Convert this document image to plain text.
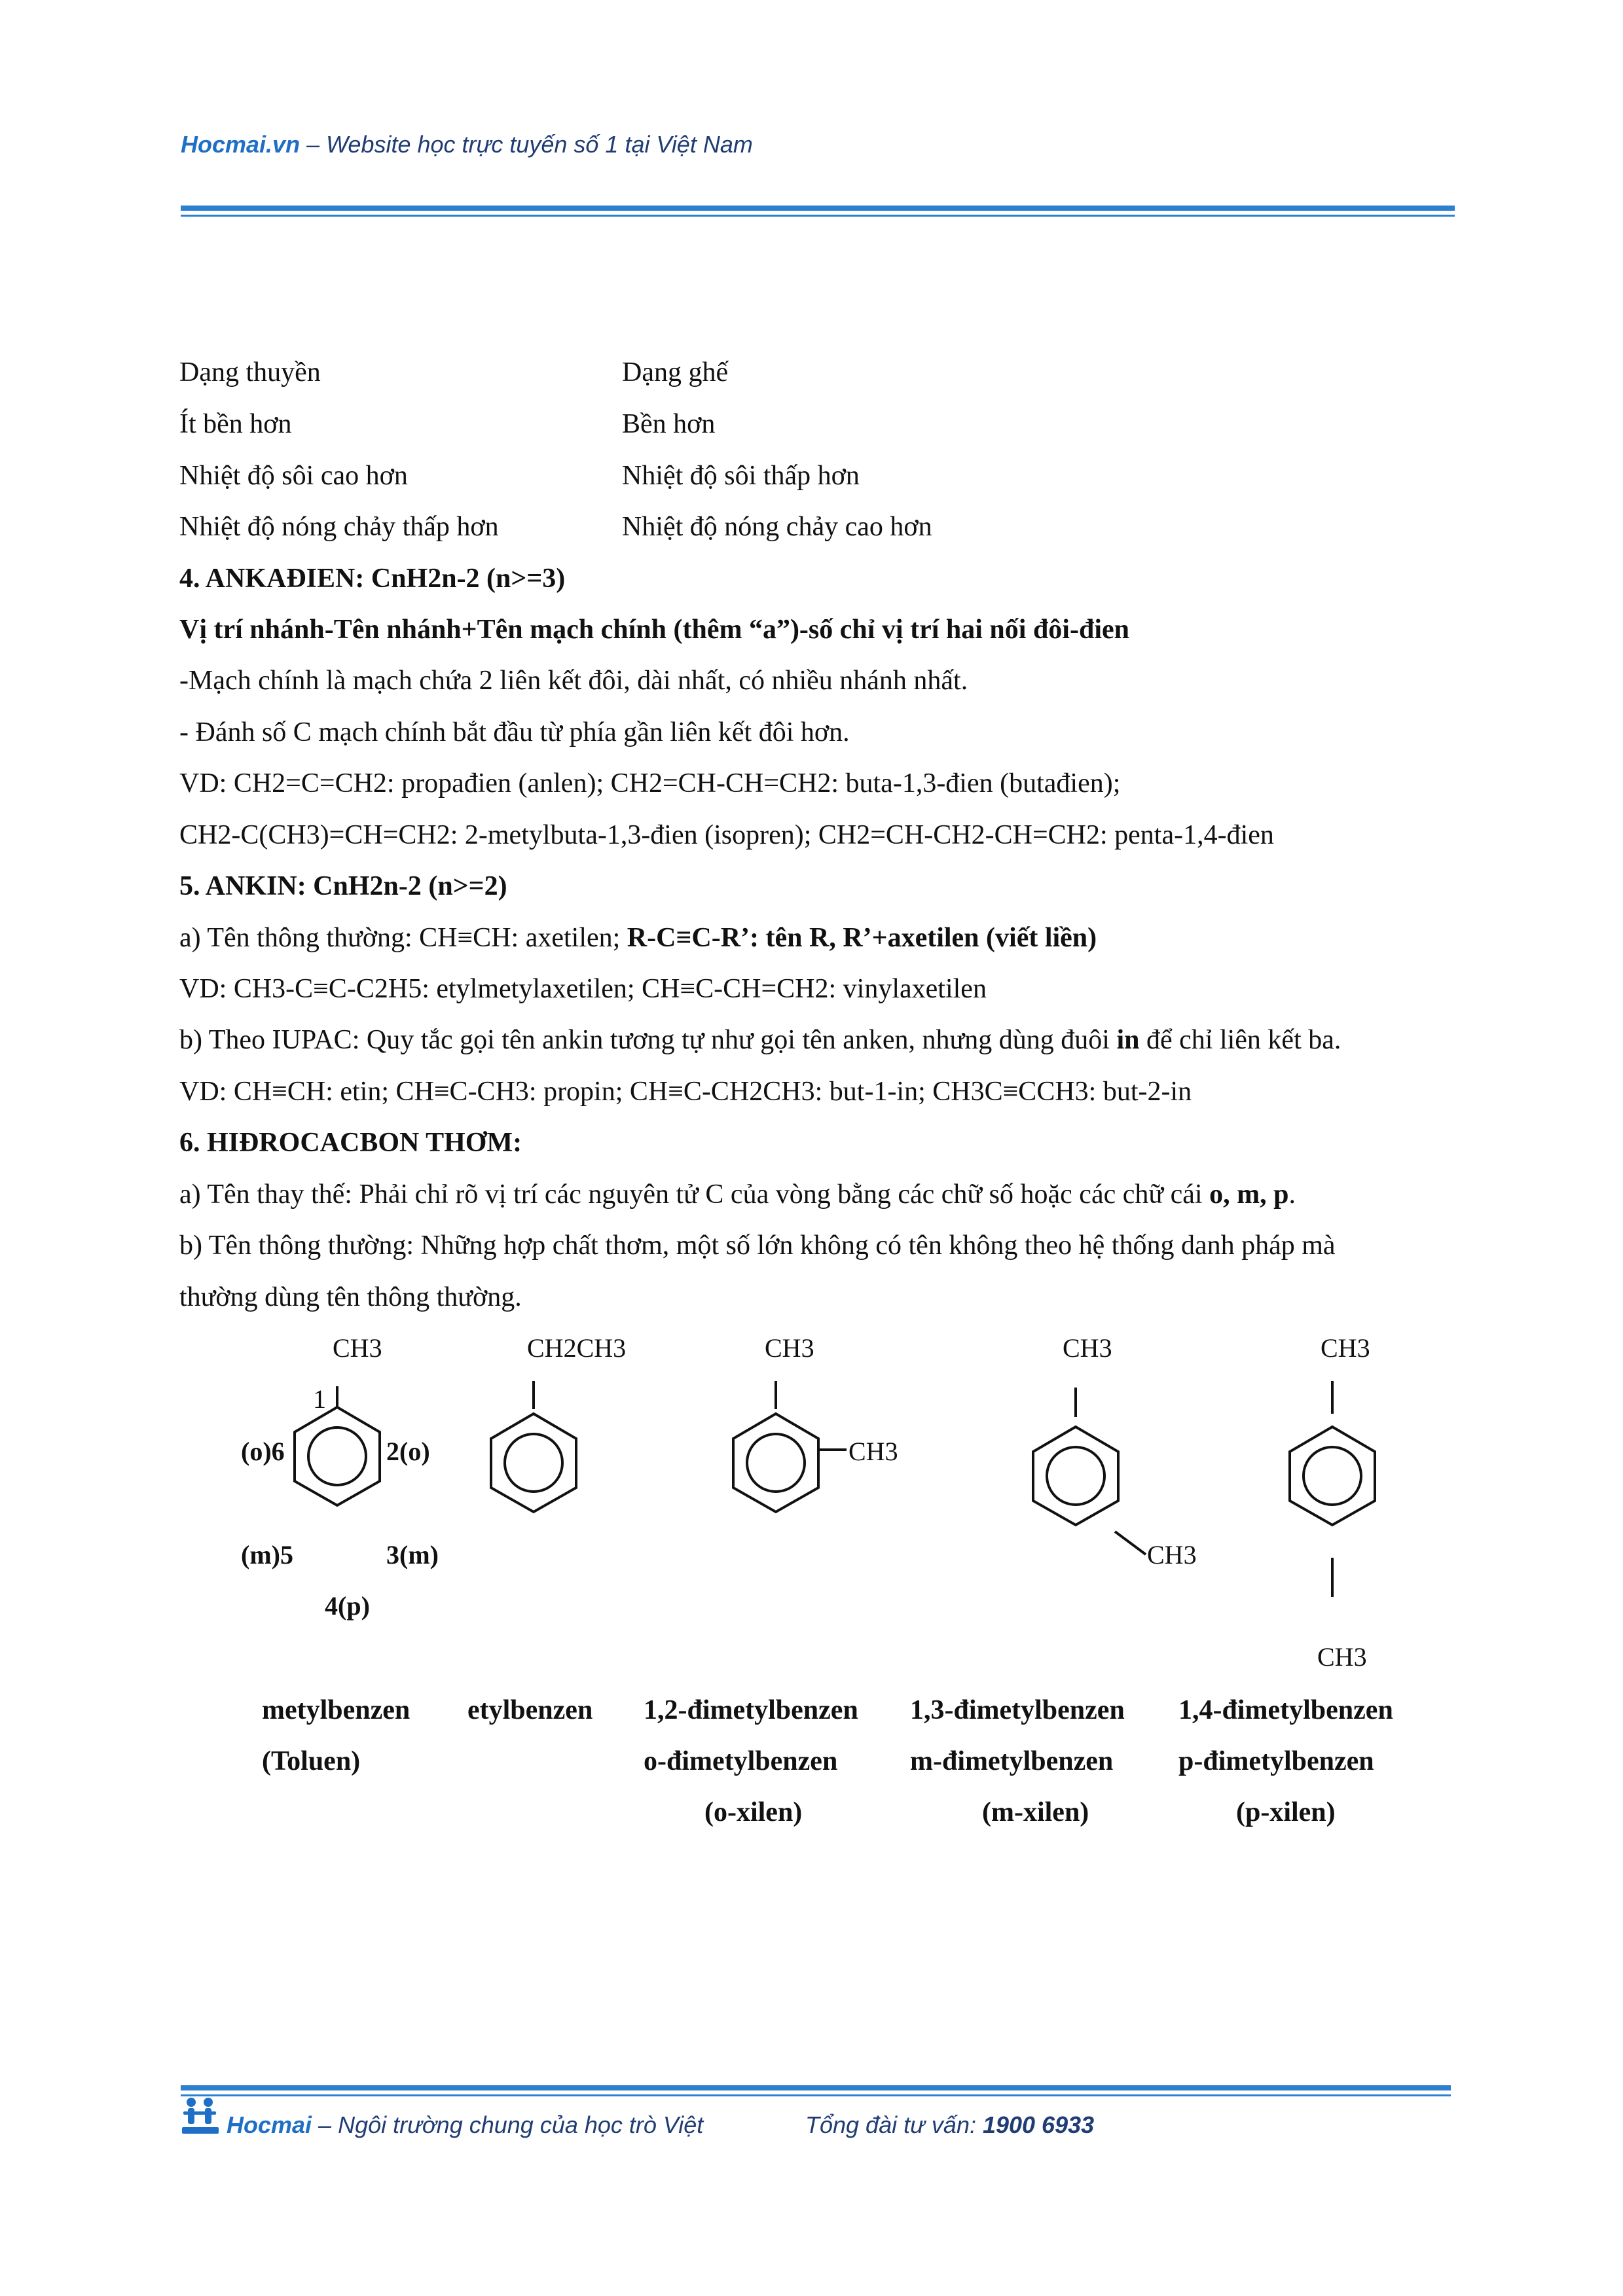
Hocmai.vn – Website học trực tuyến số 1 tại Việt Nam
Dạng thuyền	Dạng ghế
Ít bền hơn	Bền hơn
Nhiệt độ sôi cao hơn	Nhiệt độ sôi thấp hơn
Nhiệt độ nóng chảy thấp hơn	Nhiệt độ nóng chảy cao hơn
4. ANKAĐIEN: CnH2n-2 (n>=3)
Vị trí nhánh-Tên nhánh+Tên mạch chính (thêm “a”)-số chỉ vị trí hai nối đôi-đien
-Mạch chính là mạch chứa 2 liên kết đôi, dài nhất, có nhiều nhánh nhất.
- Đánh số C mạch chính bắt đầu từ phía gần liên kết đôi hơn.
VD: CH2=C=CH2: propađien (anlen); CH2=CH-CH=CH2: buta-1,3-đien (butađien);
CH2-C(CH3)=CH=CH2: 2-metylbuta-1,3-đien (isopren); CH2=CH-CH2-CH=CH2: penta-1,4-đien
5. ANKIN: CnH2n-2 (n>=2)
a) Tên thông thường: CH≡CH: axetilen; R-C≡C-R’: tên R, R’+axetilen (viết liền)
VD: CH3-C≡C-C2H5: etylmetylaxetilen; CH≡C-CH=CH2: vinylaxetilen
b) Theo IUPAC: Quy tắc gọi tên ankin tương tự như gọi tên anken, nhưng dùng đuôi in để chỉ liên kết ba.
VD: CH≡CH: etin; CH≡C-CH3: propin; CH≡C-CH2CH3: but-1-in; CH3C≡CCH3: but-2-in
6. HIĐROCACBON THƠM:
a) Tên thay thế: Phải chỉ rõ vị trí các nguyên tử C của vòng bằng các chữ số hoặc các chữ cái o, m, p.
b) Tên thông thường: Những hợp chất thơm, một số lớn không có tên không theo hệ thống danh pháp mà
thường dùng tên thông thường.
CH3
1
2(o)
(o)6
(m)5	3(m)
4(p)
CH2CH3	CH3
CH3
CH3
CH3
CH3
CH3
metylbenzen
(Toluen)
etylbenzen 1,2-đimetylbenzen
o-đimetylbenzen
(o-xilen)
1,3-đimetylbenzen
m-đimetylbenzen
(m-xilen)
1,4-đimetylbenzen
p-đimetylbenzen
(p-xilen)
Hocmai – Ngôi trường chung của học trò Việt	Tổng đài tư vấn: 1900 6933
